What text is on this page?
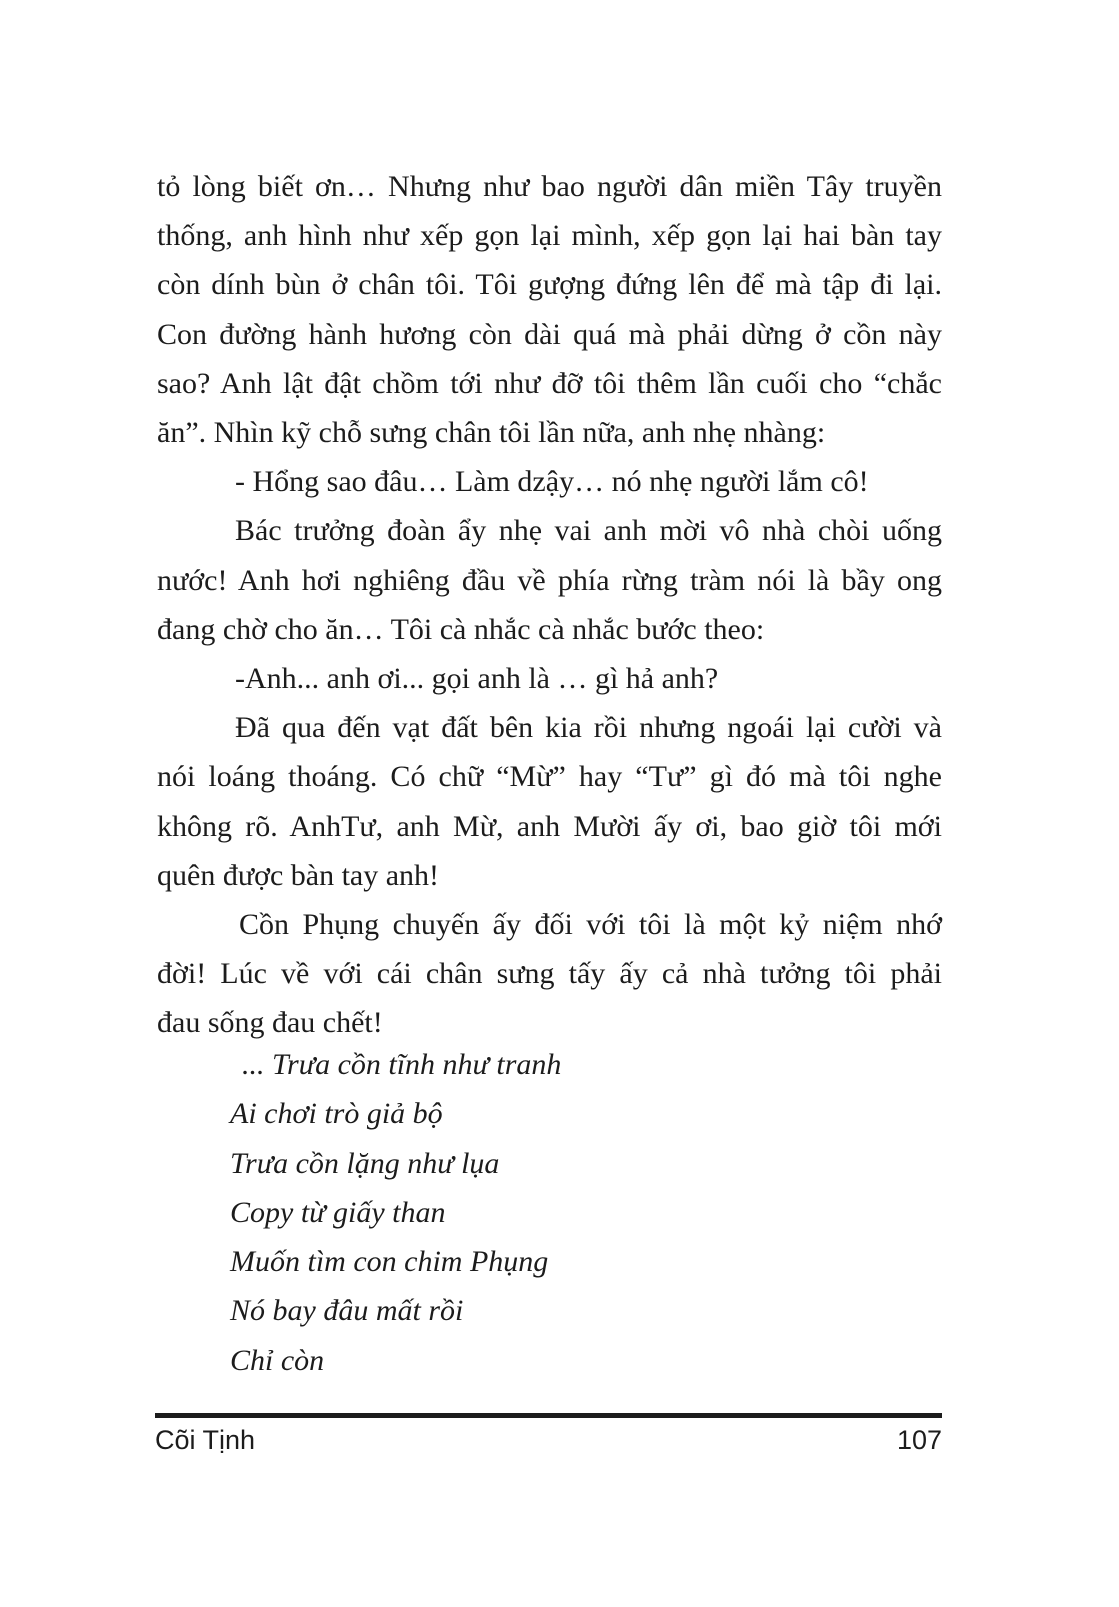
tỏ lòng biết ơn… Nhưng như bao người dân miền Tây truyền
thống, anh hình như xếp gọn lại mình, xếp gọn lại hai bàn tay
còn dính bùn ở chân tôi. Tôi gượng đứng lên để mà tập đi lại.
Con đường hành hương còn dài quá mà phải dừng ở cồn này
sao? Anh lật đật chồm tới như đỡ tôi thêm lần cuối cho “chắc
ăn”. Nhìn kỹ chỗ sưng chân tôi lần nữa, anh nhẹ nhàng:
- Hổng sao đâu… Làm dzậy… nó nhẹ người lắm cô!
Bác trưởng đoàn ẩy nhẹ vai anh mời vô nhà chòi uống
nước! Anh hơi nghiêng đầu về phía rừng tràm nói là bầy ong
đang chờ cho ăn… Tôi cà nhắc cà nhắc bước theo:
-Anh... anh ơi... gọi anh là … gì hả anh?
Đã qua đến vạt đất bên kia rồi nhưng ngoái lại cười và
nói loáng thoáng. Có chữ “Mừ” hay “Tư” gì đó mà tôi nghe
không rõ. AnhTư, anh Mừ, anh Mười ấy ơi, bao giờ tôi mới
quên được bàn tay anh!
Cồn Phụng chuyến ấy đối với tôi là một kỷ niệm nhớ
đời! Lúc về với cái chân sưng tấy ấy cả nhà tưởng tôi phải
đau sống đau chết!
... Trưa cồn tĩnh như tranh
Ai chơi trò giả bộ
Trưa cồn lặng như lụa
Copy từ giấy than
Muốn tìm con chim Phụng
Nó bay đâu mất rồi
Chỉ còn
Cõi Tịnh	107
